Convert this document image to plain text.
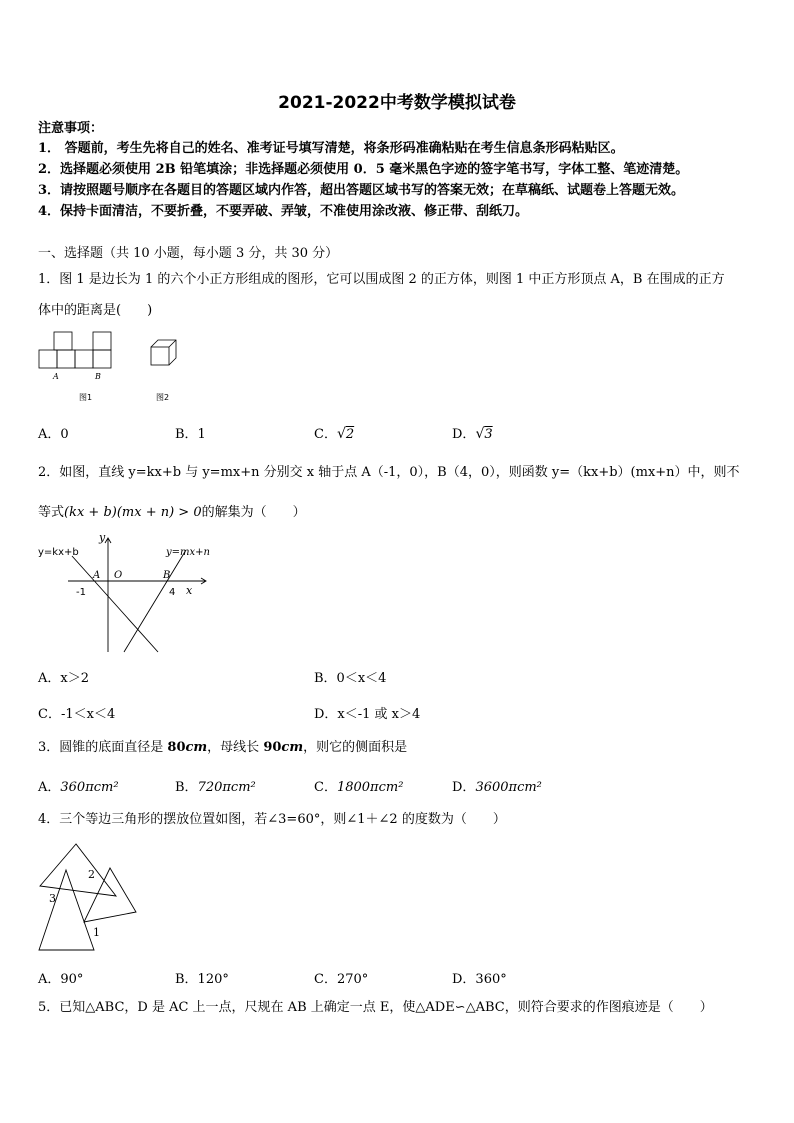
2021-2022中考数学模拟试卷
注意事项：
1． 答题前，考生先将自己的姓名、准考证号填写清楚，将条形码准确粘贴在考生信息条形码粘贴区。
2．选择题必须使用 2B 铅笔填涂；非选择题必须使用 0．5 毫米黑色字迹的签字笔书写，字体工整、笔迹清楚。
3．请按照题号顺序在各题目的答题区域内作答，超出答题区域书写的答案无效；在草稿纸、试题卷上答题无效。
4．保持卡面清洁，不要折叠，不要弄破、弄皱，不准使用涂改液、修正带、刮纸刀。
一、选择题（共 10 小题，每小题 3 分，共 30 分）
1．图 1 是边长为 1 的六个小正方形组成的图形，它可以围成图 2 的正方体，则图 1 中正方形顶点 A，B 在围成的正方
体中的距离是(　　)
A	B
图1	图2
A．0	B．1	C．√2	D．√3
2．如图，直线 y=kx+b 与 y=mx+n 分别交 x 轴于点 A（-1，0），B（4，0），则函数 y=（kx+b）(mx+n）中，则不
等式(kx + b)(mx + n) > 0的解集为（　　）
y
x
y=kx+b	y=mx+n
A O	B
-1	4
A．x＞2	B．0＜x＜4
C．-1＜x＜4	D．x＜-1 或 x＞4
3．圆锥的底面直径是 80cm，母线长 90cm，则它的侧面积是
A．360πcm²	B．720πcm²	C．1800πcm²	D．3600πcm²
4．三个等边三角形的摆放位置如图，若∠3=60°，则∠1＋∠2 的度数为（　　）
2
3
1
A．90°	B．120°	C．270°	D．360°
5．已知△ABC，D 是 AC 上一点，尺规在 AB 上确定一点 E，使△ADE∽△ABC，则符合要求的作图痕迹是（　　）
